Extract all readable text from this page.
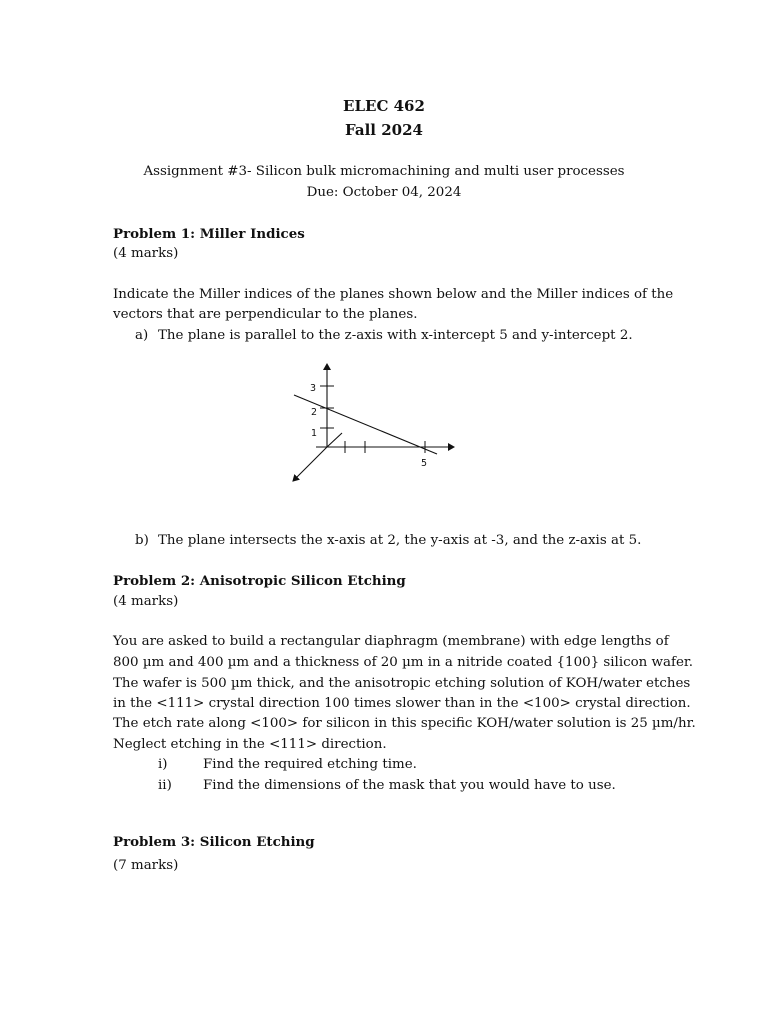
ELEC 462
Fall 2024
Assignment #3- Silicon bulk micromachining and multi user processes
Due: October 04, 2024
Problem 1: Miller Indices
(4 marks)
Indicate the Miller indices of the planes shown below and the Miller indices of the
vectors that are perpendicular to the planes.
a) The plane is parallel to the z-axis with x-intercept 5 and y-intercept 2.
3
2
1
5
b) The plane intersects the x-axis at 2, the y-axis at -3, and the z-axis at 5.
Problem 2: Anisotropic Silicon Etching
(4 marks)
You are asked to build a rectangular diaphragm (membrane) with edge lengths of
800 µm and 400 µm and a thickness of 20 µm in a nitride coated {100} silicon wafer.
The wafer is 500 µm thick, and the anisotropic etching solution of KOH/water etches
in the <111> crystal direction 100 times slower than in the <100> crystal direction.
The etch rate along <100> for silicon in this specific KOH/water solution is 25 µm/hr.
Neglect etching in the <111> direction.
i)	Find the required etching time.
ii) Find the dimensions of the mask that you would have to use.
Problem 3: Silicon Etching
(7 marks)
